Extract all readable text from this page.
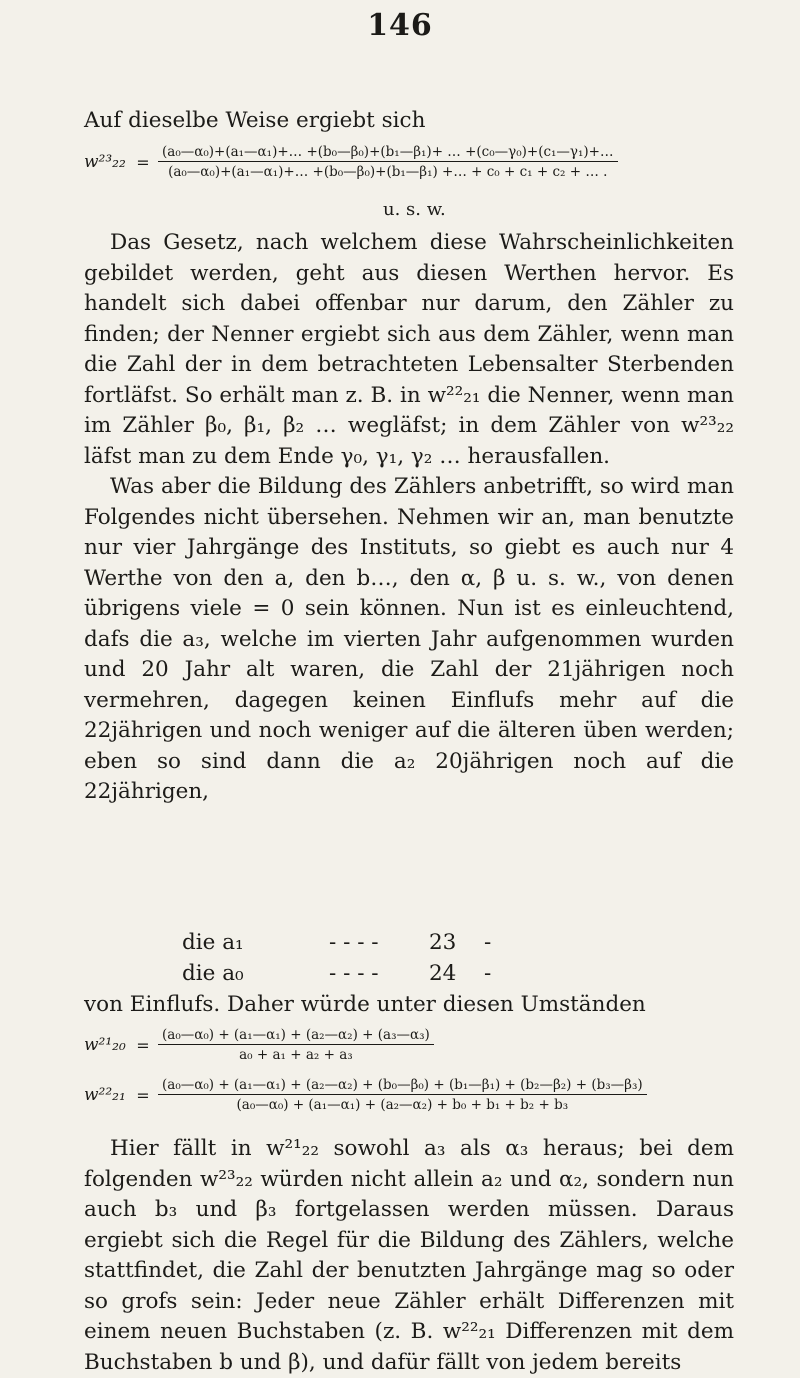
146
Auf dieselbe Weise ergiebt sich
$w^{23}_{22} = \frac{\text{(a₀—α₀)+(a₁—α₁)+… +(b₀—β₀)+(b₁—β₁)+ … +(c₀—γ₀)+(c₁—γ₁)+…}}{\text{(a₀—α₀)+(a₁—α₁)+… +(b₀—β₀)+(b₁—β₁) +… + c₀ + c₁ + c₂ + … .}}$
u. s. w.

Das Gesetz, nach welchem diese Wahrscheinlichkeiten gebildet werden, geht aus diesen Werthen hervor. Es handelt sich dabei offenbar nur darum, den Zähler zu finden; der Nenner ergiebt sich aus dem Zähler, wenn man die Zahl der in dem betrachteten Lebensalter Sterbenden fortläfst. So erhält man z. B. in w²²₂₁ die Nenner, wenn man im Zähler β₀, β₁, β₂ … wegläfst; in dem Zähler von w²³₂₂ läfst man zu dem Ende γ₀, γ₁, γ₂ … herausfallen.

Was aber die Bildung des Zählers anbetrifft, so wird man Folgendes nicht übersehen. Nehmen wir an, man benutzte nur vier Jahrgänge des Instituts, so giebt es auch nur 4 Werthe von den a, den b…, den α, β u. s. w., von denen übrigens viele = 0 sein können. Nun ist es einleuchtend, dafs die a₃, welche im vierten Jahr aufgenommen wurden und 20 Jahr alt waren, die Zahl der 21jährigen noch vermehren, dagegen keinen Einflufs mehr auf die 22jährigen und noch weniger auf die älteren üben werden; eben so sind dann die a₂ 20jährigen noch auf die 22jährigen,

die a₁	- - - - 23 -
die a₀	- - - - 24 -
von Einflufs. Daher würde unter diesen Umständen
$w^{21}_{20} = \frac{\text{(a₀—α₀) + (a₁—α₁) + (a₂—α₂) + (a₃—α₃)}}{\text{a₀ + a₁ + a₂ + a₃}}$
w²²₂₁ =
(a₀—α₀) + (a₁—α₁) + (a₂—α₂) + (b₀—β₀) + (b₁—β₁) + (b₂—β₂) + (b₃—β₃)
(a₀—α₀) + (a₁—α₁) + (a₂—α₂) + b₀ + b₁ + b₂ + b₃

Hier fällt in w²¹₂₂ sowohl a₃ als α₃ heraus; bei dem folgenden w²³₂₂ würden nicht allein a₂ und α₂, sondern nun auch b₃ und β₃ fortgelassen werden müssen. Daraus ergiebt sich die Regel für die Bildung des Zählers, welche stattfindet, die Zahl der benutzten Jahrgänge mag so oder so grofs sein: Jeder neue Zähler erhält Differenzen mit einem neuen Buchstaben (z. B. w²²₂₁ Differenzen mit dem Buchstaben b und β), und dafür fällt von jedem bereits
